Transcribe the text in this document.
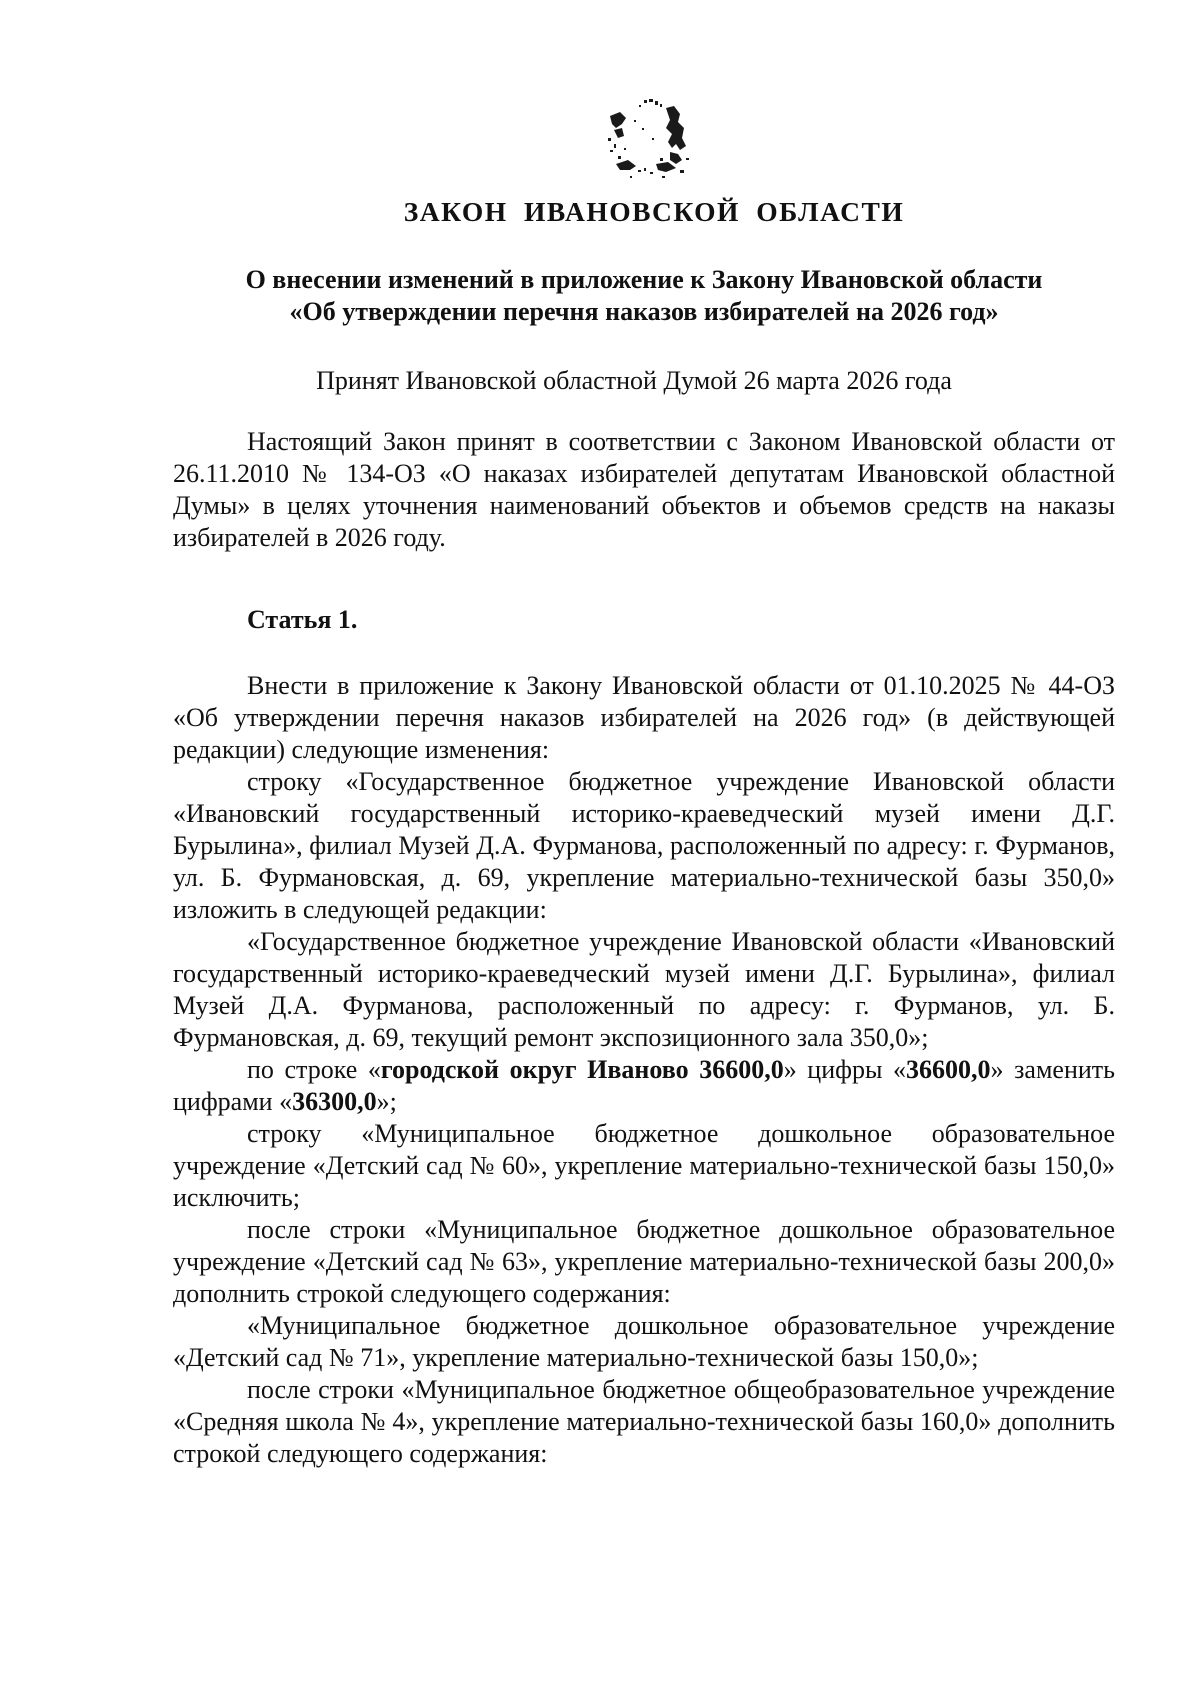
ЗАКОН ИВАНОВСКОЙ ОБЛАСТИ
О внесении изменений в приложение к Закону Ивановской области
«Об утверждении перечня наказов избирателей на 2026 год»

Принят Ивановской областной Думой 26 марта 2026 года

Настоящий Закон принят в соответствии с Законом Ивановской области от 26.11.2010 № 134-ОЗ «О наказах избирателей депутатам Ивановской областной Думы» в целях уточнения наименований объектов и объемов средств на наказы избирателей в 2026 году.

Статья 1.

Внести в приложение к Закону Ивановской области от 01.10.2025 № 44-ОЗ «Об утверждении перечня наказов избирателей на 2026 год» (в действующей редакции) следующие изменения:

строку «Государственное бюджетное учреждение Ивановской области «Ивановский государственный историко-краеведческий музей имени Д.Г. Бурылина», филиал Музей Д.А. Фурманова, расположенный по адресу: г. Фурманов, ул. Б. Фурмановская, д. 69, укрепление материально-технической базы 350,0» изложить в следующей редакции:

«Государственное бюджетное учреждение Ивановской области «Ивановский государственный историко-краеведческий музей имени Д.Г. Бурылина», филиал Музей Д.А. Фурманова, расположенный по адресу: г. Фурманов, ул. Б. Фурмановская, д. 69, текущий ремонт экспозиционного зала 350,0»;

по строке «городской округ Иваново 36600,0» цифры «36600,0» заменить цифрами «36300,0»;

строку «Муниципальное бюджетное дошкольное образовательное учреждение «Детский сад № 60», укрепление материально-технической базы 150,0» исключить;

после строки «Муниципальное бюджетное дошкольное образовательное учреждение «Детский сад № 63», укрепление материально-технической базы 200,0» дополнить строкой следующего содержания:

«Муниципальное бюджетное дошкольное образовательное учреждение «Детский сад № 71», укрепление материально-технической базы 150,0»;

после строки «Муниципальное бюджетное общеобразовательное учреждение «Средняя школа № 4», укрепление материально-технической базы 160,0» дополнить строкой следующего содержания:
